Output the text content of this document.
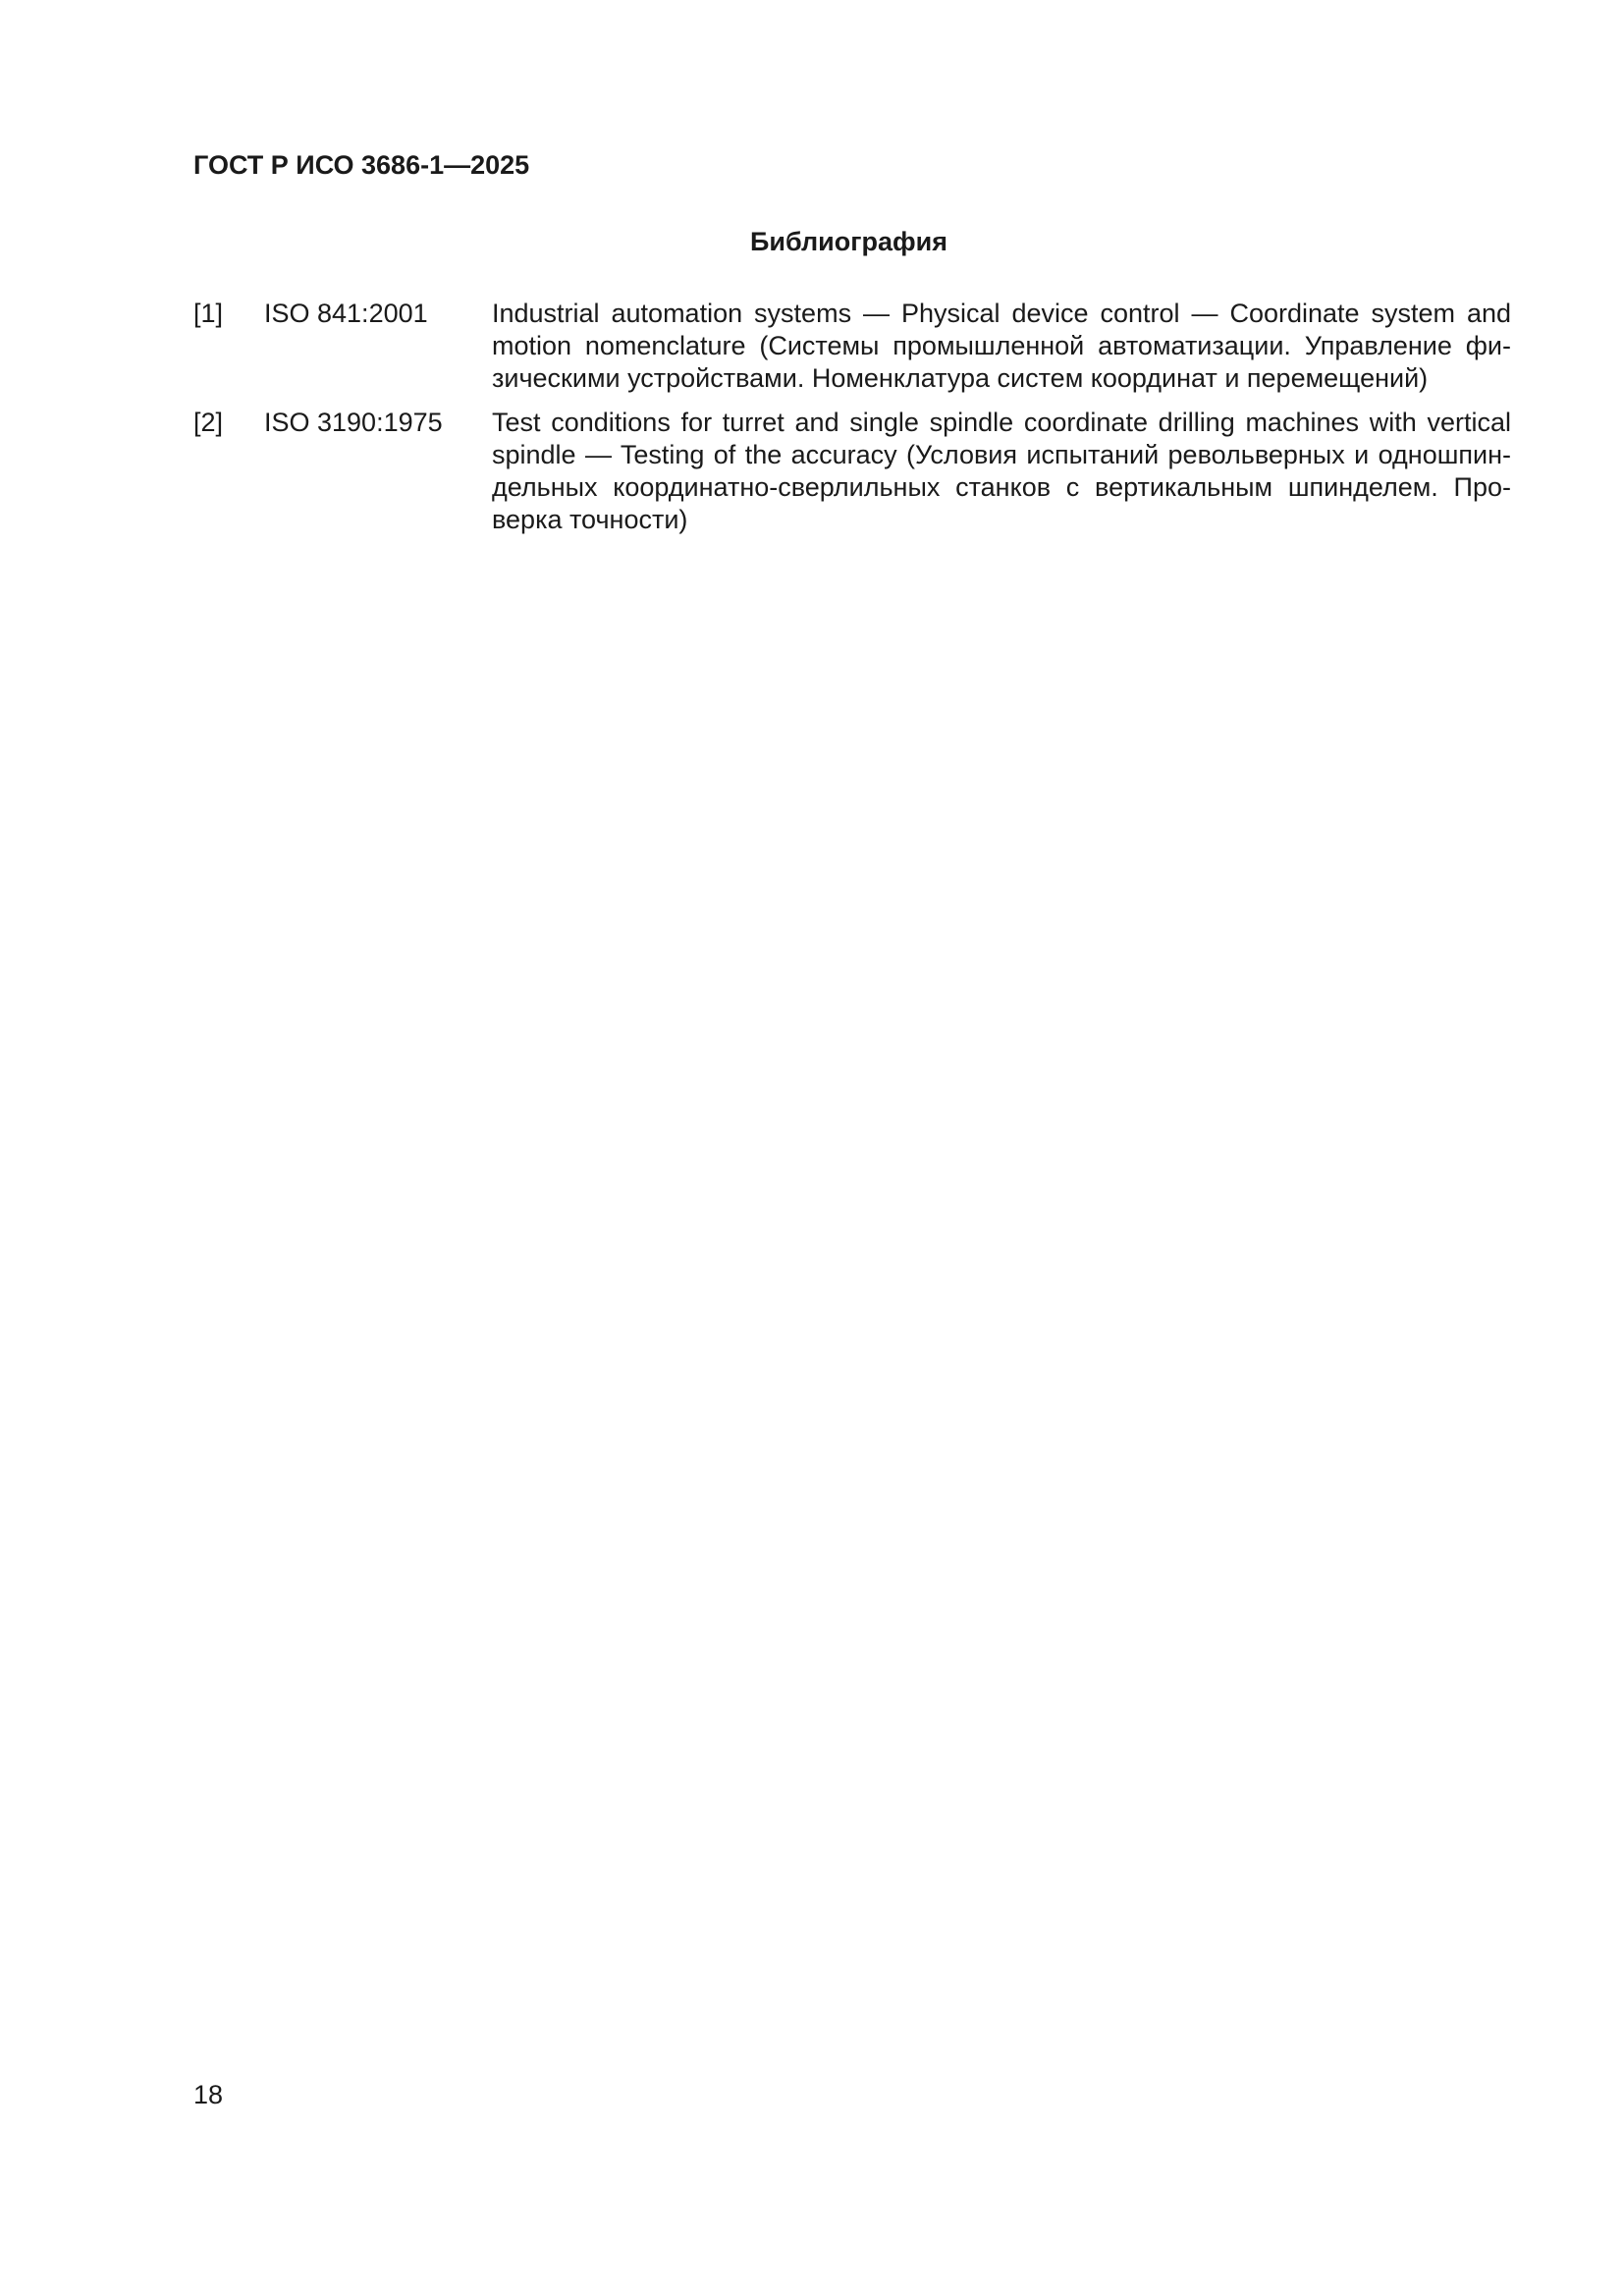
ГОСТ Р ИСО 3686-1—2025
Библиография
[1]	ISO 841:2001	Industrial automation systems — Physical device control — Coordinate system and motion nomenclature (Системы промышленной автоматизации. Управление физическими устройствами. Номенклатура систем координат и перемещений)
[2]	ISO 3190:1975	Test conditions for turret and single spindle coordinate drilling machines with vertical spindle — Testing of the accuracy (Условия испытаний револьверных и одношпиндельных координатно-сверлильных станков с вертикальным шпинделем. Проверка точности)
18
